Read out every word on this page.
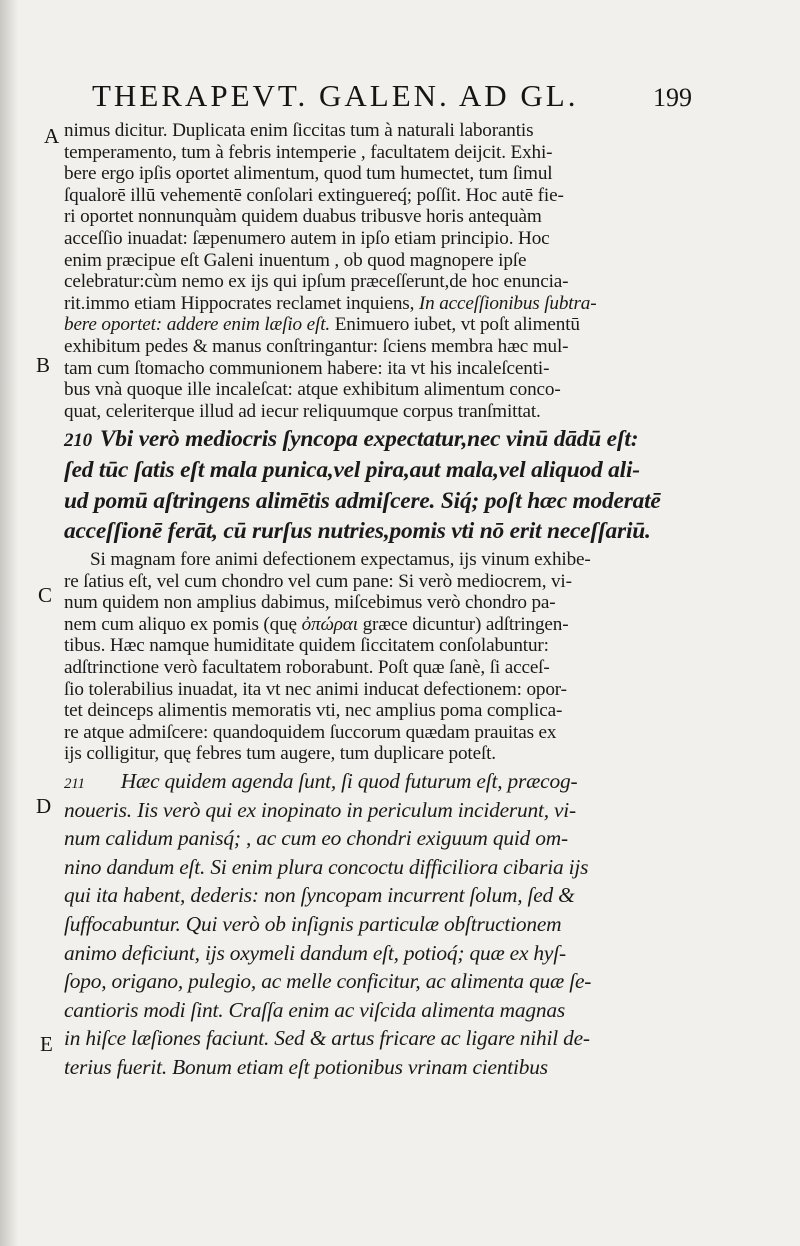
THERAPEVT. GALEN. AD GL.	199
A
B
C
D
E
nimus dicitur. Duplicata enim ſiccitas tum à naturali laborantis
temperamento, tum à febris intemperie , facultatem deijcit. Exhi-
bere ergo ipſis oportet alimentum, quod tum humectet, tum ſimul
ſqualorē illū vehementē conſolari extinguereq́; poſſit. Hoc autē fie-
ri oportet nonnunquàm quidem duabus tribusve horis antequàm
acceſſio inuadat: ſæpenumero autem in ipſo etiam principio. Hoc
enim præcipue eſt Galeni inuentum , ob quod magnopere ipſe
celebratur:cùm nemo ex ijs qui ipſum præceſſerunt,de hoc enuncia-
rit.immo etiam Hippocrates reclamet inquiens, In acceſſionibus ſubtra-
bere oportet: addere enim læſio eſt. Enimuero iubet, vt poſt alimentū
exhibitum pedes & manus conſtringantur: ſciens membra hæc mul-
tam cum ſtomacho communionem habere: ita vt his incaleſcenti-
bus vnà quoque ille incaleſcat: atque exhibitum alimentum conco-
quat, celeriterque illud ad iecur reliquumque corpus tranſmittat.
210 Vbi verò mediocris ſyncopa expectatur,nec vinū dādū eſt:
ſed tūc ſatis eſt mala punica,vel pira,aut mala,vel aliquod ali-
ud pomū aſtringens alimētis admiſcere. Siq́; poſt hæc moderatē
acceſſionē ferāt, cū rurſus nutries,pomis vti nō erit neceſſariū.
Si magnam fore animi defectionem expectamus, ijs vinum exhibe-
re ſatius eſt, vel cum chondro vel cum pane: Si verò mediocrem, vi-
num quidem non amplius dabimus, miſcebimus verò chondro pa-
nem cum aliquo ex pomis (quę ὀπώραι græce dicuntur) adſtringen-
tibus. Hæc namque humiditate quidem ſiccitatem conſolabuntur:
adſtrinctione verò facultatem roborabunt. Poſt quæ ſanè, ſi acceſ-
ſio tolerabilius inuadat, ita vt nec animi inducat defectionem: opor-
tet deinceps alimentis memoratis vti, nec amplius poma complica-
re atque admiſcere: quandoquidem ſuccorum quædam prauitas ex
ijs colligitur, quę febres tum augere, tum duplicare poteſt.
211 Hæc quidem agenda ſunt, ſi quod futurum eſt, præcog-
noueris. Iis verò qui ex inopinato in periculum inciderunt, vi-
num calidum panisq́; , ac cum eo chondri exiguum quid om-
nino dandum eſt. Si enim plura concoctu difficiliora cibaria ijs
qui ita habent, dederis: non ſyncopam incurrent ſolum, ſed &
ſuffocabuntur. Qui verò ob inſignis particulæ obſtructionem
animo deficiunt, ijs oxymeli dandum eſt, potioq́; quæ ex hyſ-
ſopo, origano, pulegio, ac melle conficitur, ac alimenta quæ ſe-
cantioris modi ſint. Craſſa enim ac viſcida alimenta magnas
in hiſce læſiones faciunt. Sed & artus fricare ac ligare nihil de-
terius fuerit. Bonum etiam eſt potionibus vrinam cientibus
